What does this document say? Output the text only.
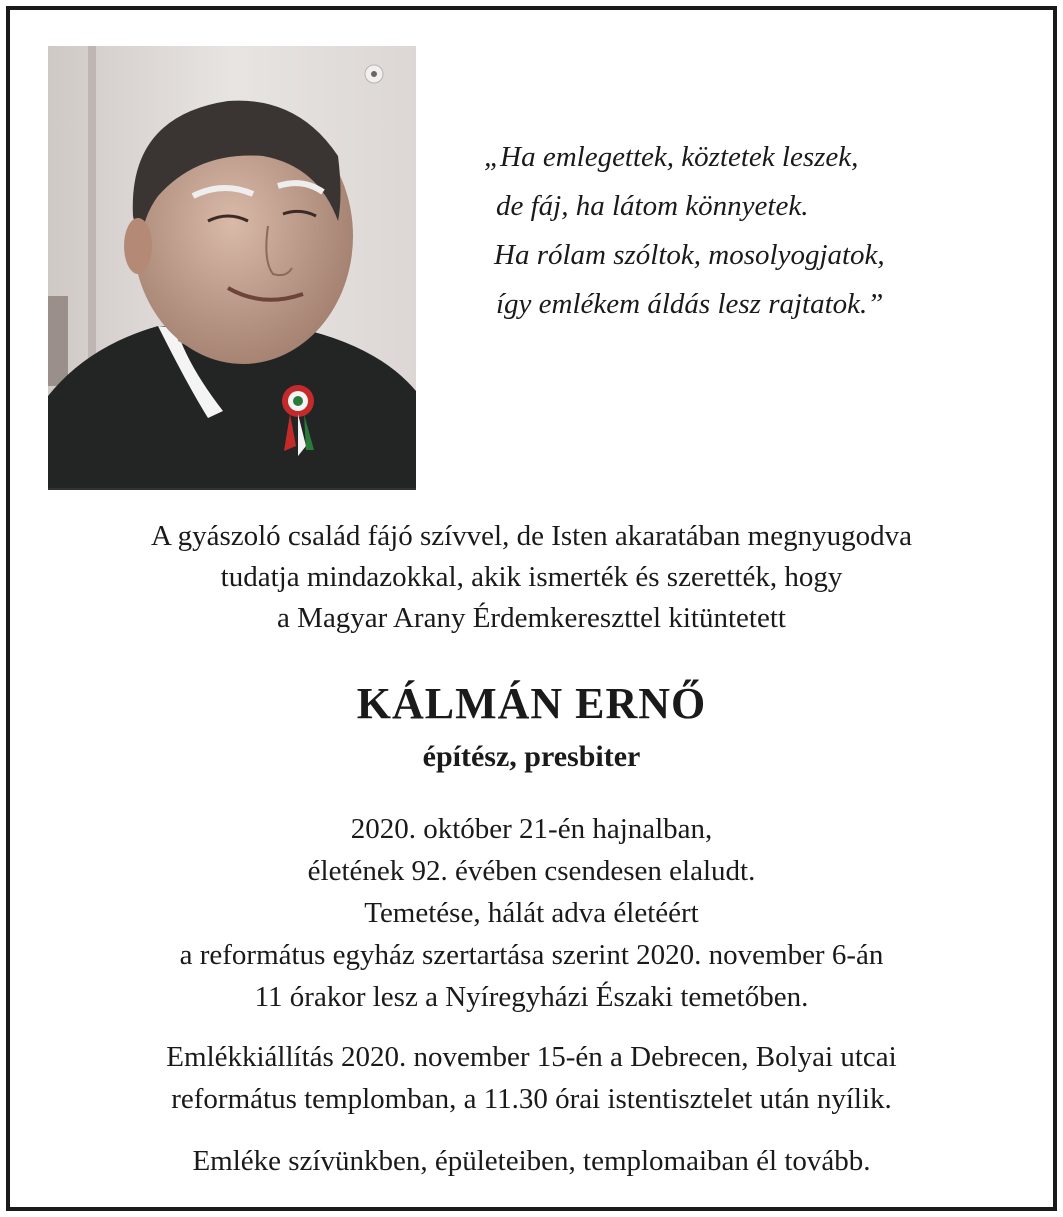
„Ha emlegettek, köztetek leszek,
de fáj, ha látom könnyetek.
Ha rólam szóltok, mosolyogjatok,
így emlékem áldás lesz rajtatok.”
A gyászoló család fájó szívvel, de Isten akaratában megnyugodva
tudatja mindazokkal, akik ismerték és szerették, hogy
a Magyar Arany Érdemkereszttel kitüntetett
KÁLMÁN ERNŐ
építész, presbiter
2020. október 21-én hajnalban,
életének 92. évében csendesen elaludt.
Temetése, hálát adva életéért
a református egyház szertartása szerint 2020. november 6-án
11 órakor lesz a Nyíregyházi Északi temetőben.
Emlékkiállítás 2020. november 15-én a Debrecen, Bolyai utcai
református templomban, a 11.30 órai istentisztelet után nyílik.
Emléke szívünkben, épületeiben, templomaiban él tovább.
